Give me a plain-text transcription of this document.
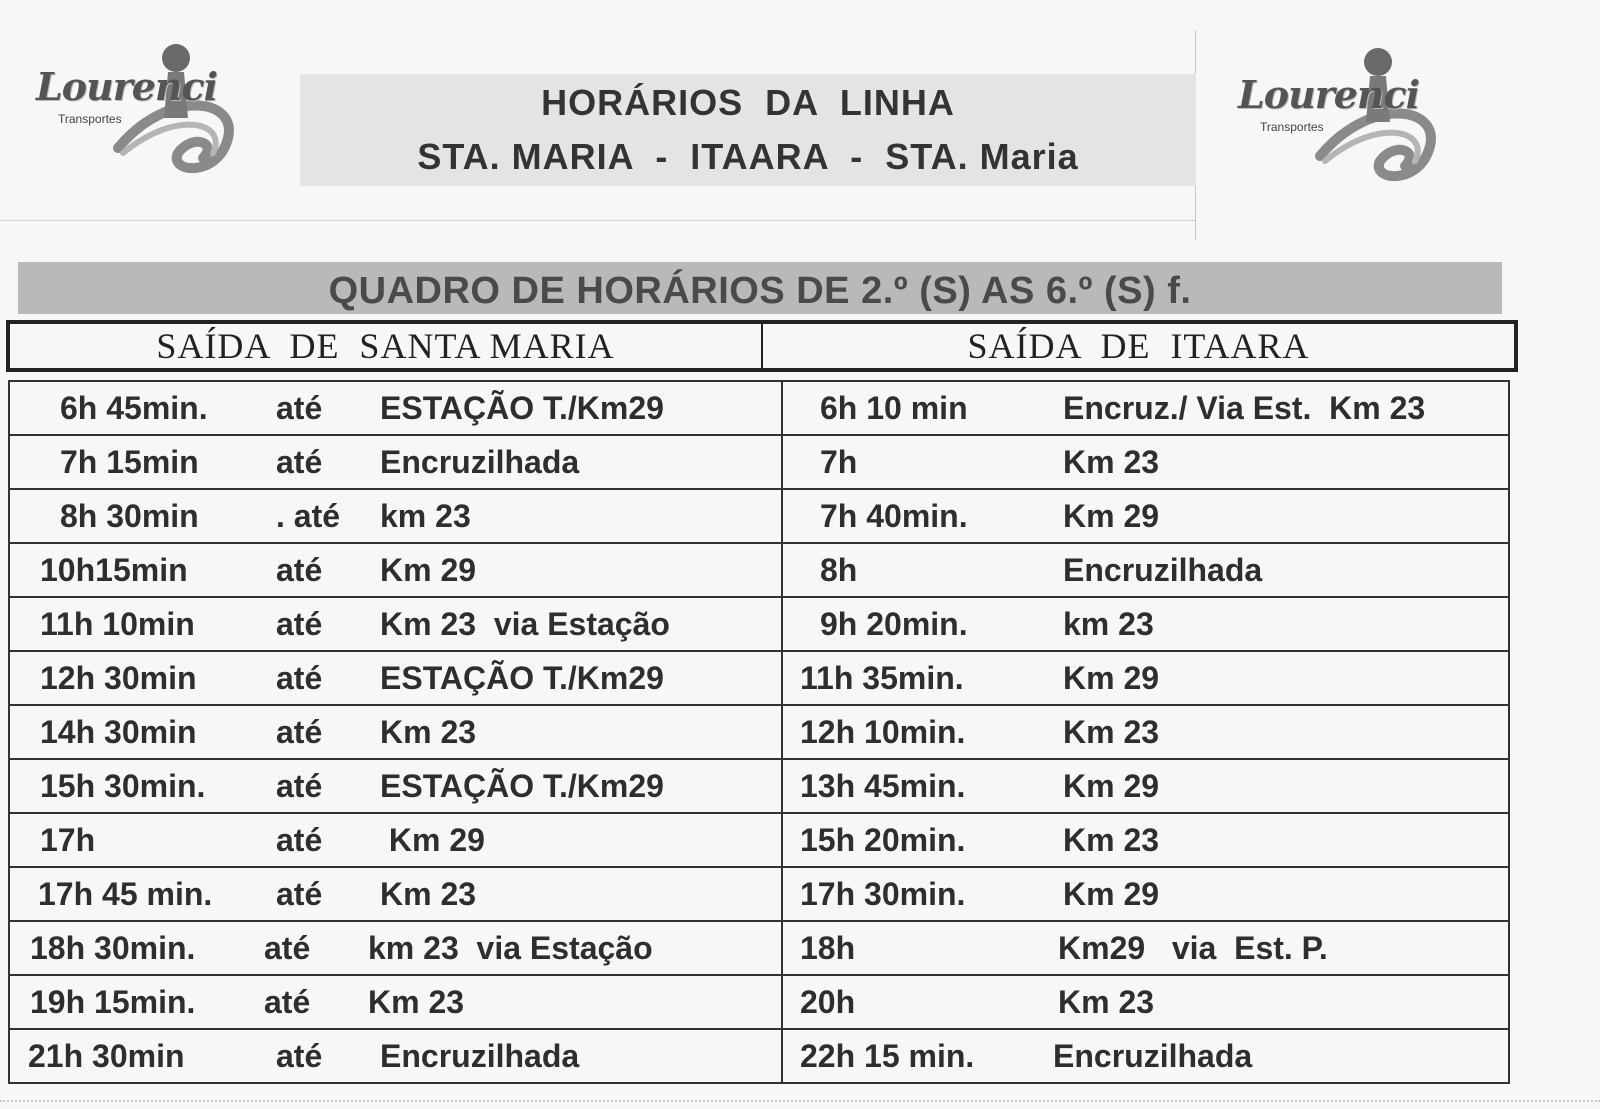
Lourenci
Transportes
Lourenci
Transportes
HORÁRIOS  DA  LINHA
STA. MARIA  -  ITAARA  -  STA. Maria
QUADRO DE HORÁRIOS DE 2.º (S) AS 6.º (S) f.
SAÍDA  DE  SANTA MARIA	SAÍDA  DE  ITAARA
6h 45min. até ESTAÇÃO T./Km29	6h 10 min	Encruz./ Via Est.  Km 23
7h 15min até Encruzilhada	7h	Km 23
8h 30min . até km 23	7h 40min.	Km 29
10h15min	até Km 29	8h	Encruzilhada
11h 10min	até Km 23  via Estação	9h 20min.	km 23
12h 30min até ESTAÇÃO T./Km29	11h 35min.	Km 29
14h 30min até Km 23	12h 10min.	Km 23
15h 30min. até ESTAÇÃO T./Km29	13h 45min.	Km 29
17h	até Km 29	15h 20min.	Km 23
17h 45 min. até Km 23	17h 30min.	Km 29
18h 30min. até km 23  via Estação	18h	Km29   via  Est. P.
19h 15min. até Km 23	20h	Km 23
21h 30min	até Encruzilhada	22h 15 min. Encruzilhada
